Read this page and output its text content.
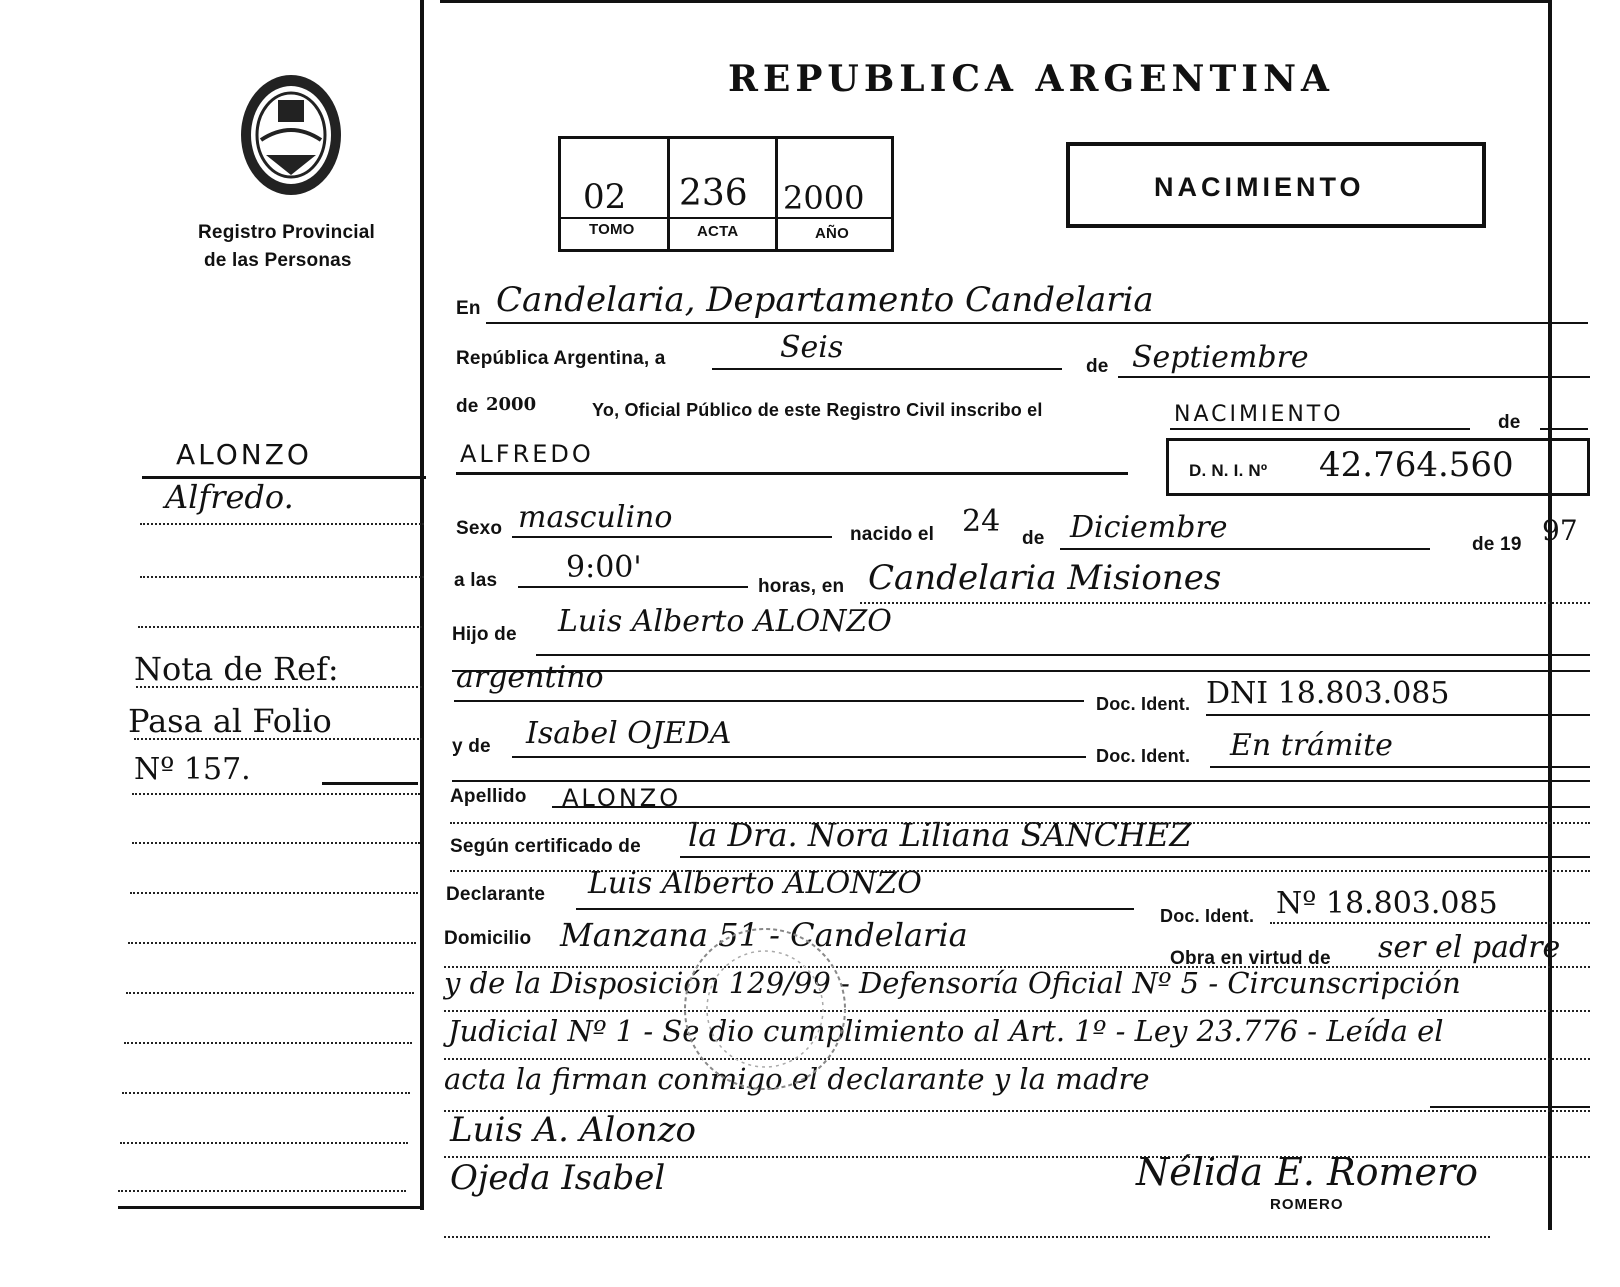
Registro Provincial
de las Personas
ALONZO
Alfredo.
Nota de Ref:
Pasa al Folio
Nº 157.
REPUBLICA ARGENTINA
02 236 2000
TOMO	ACTA	AÑO
NACIMIENTO
En Candelaria, Departamento Candelaria
República Argentina, a	Seis
de Septiembre
de 2000	Yo, Oficial Público de este Registro Civil inscribo el	NACIMIENTO	de
ALFREDO
D. N. I. Nº 42.764.560
Sexo masculino	nacido el 24 de Diciembre	de 19 97
a las 9:00'
horas, en Candelaria Misiones
Hijo de Luis Alberto ALONZO
argentino
Doc. Ident. DNI 18.803.085
y de Isabel OJEDA
Doc. Ident. En trámite
Apellido ALONZO
Según certificado de la Dra. Nora Liliana SANCHEZ
Declarante Luis Alberto ALONZO
Doc. Ident. Nº 18.803.085
Domicilio Manzana 51 - Candelaria
Obra en virtud de ser el padre
y de la Disposición 129/99 - Defensoría Oficial Nº 5 - Circunscripción
Judicial Nº 1 - Se dio cumplimiento al Art. 1º - Ley 23.776 - Leída el
acta la firman conmigo el declarante y la madre
Luis A. Alonzo
Ojeda Isabel	Nélida E. Romero
ROMERO
